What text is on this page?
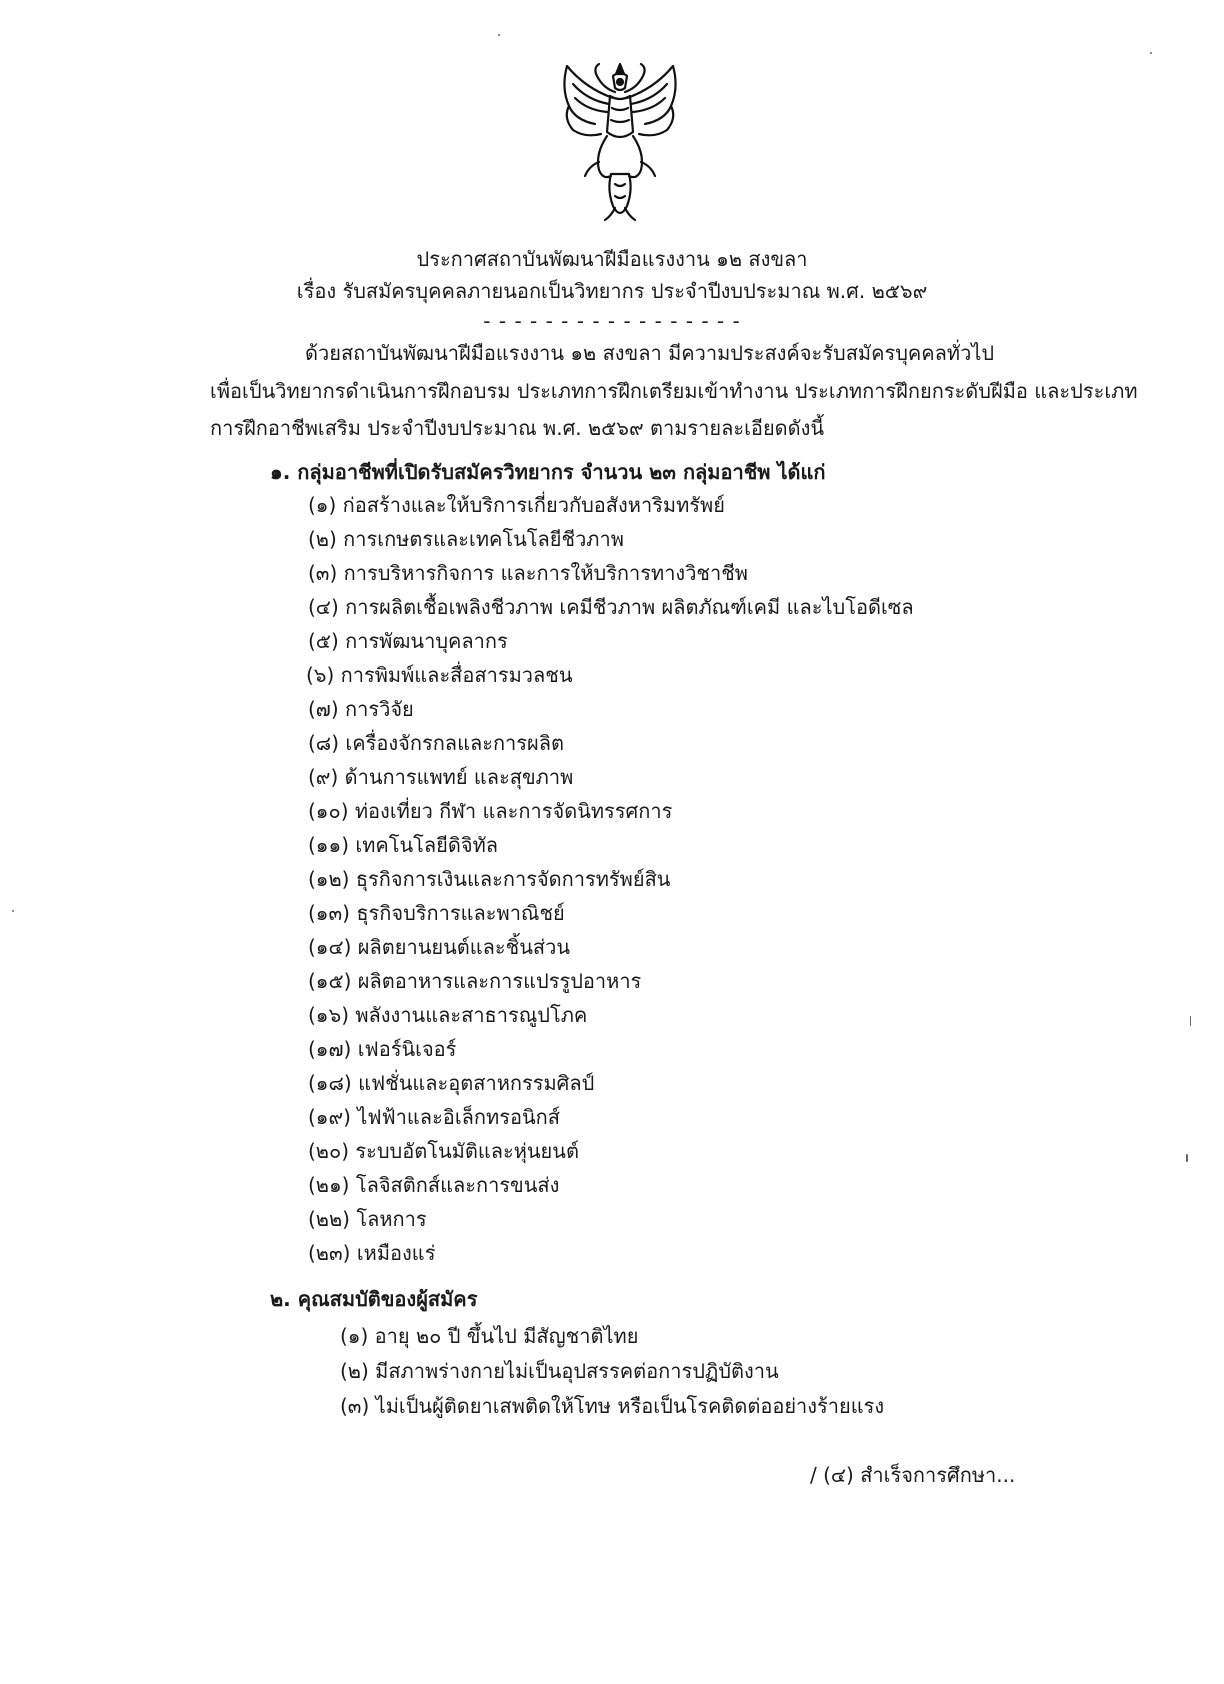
ประกาศสถาบันพัฒนาฝีมือแรงงาน ๑๒ สงขลา
เรื่อง รับสมัครบุคคลภายนอกเป็นวิทยากร ประจำปีงบประมาณ พ.ศ. ๒๕๖๙
- - - - - - - - - - - - - - - - -
ด้วยสถาบันพัฒนาฝีมือแรงงาน ๑๒ สงขลา มีความประสงค์จะรับสมัครบุคคลทั่วไป
เพื่อเป็นวิทยากรดำเนินการฝึกอบรม ประเภทการฝึกเตรียมเข้าทำงาน ประเภทการฝึกยกระดับฝีมือ และประเภท
การฝึกอาชีพเสริม ประจำปีงบประมาณ พ.ศ. ๒๕๖๙ ตามรายละเอียดดังนี้
๑. กลุ่มอาชีพที่เปิดรับสมัครวิทยากร จำนวน ๒๓ กลุ่มอาชีพ ได้แก่
(๑) ก่อสร้างและให้บริการเกี่ยวกับอสังหาริมทรัพย์
(๒) การเกษตรและเทคโนโลยีชีวภาพ
(๓) การบริหารกิจการ และการให้บริการทางวิชาชีพ
(๔) การผลิตเชื้อเพลิงชีวภาพ เคมีชีวภาพ ผลิตภัณฑ์เคมี และไบโอดีเซล
(๕) การพัฒนาบุคลากร
(๖) การพิมพ์และสื่อสารมวลชน
(๗) การวิจัย
(๘) เครื่องจักรกลและการผลิต
(๙) ด้านการแพทย์ และสุขภาพ
(๑๐) ท่องเที่ยว กีฬา และการจัดนิทรรศการ
(๑๑) เทคโนโลยีดิจิทัล
(๑๒) ธุรกิจการเงินและการจัดการทรัพย์สิน
(๑๓) ธุรกิจบริการและพาณิชย์
(๑๔) ผลิตยานยนต์และชิ้นส่วน
(๑๕) ผลิตอาหารและการแปรรูปอาหาร
(๑๖) พลังงานและสาธารณูปโภค
(๑๗) เฟอร์นิเจอร์
(๑๘) แฟชั่นและอุตสาหกรรมศิลป์
(๑๙) ไฟฟ้าและอิเล็กทรอนิกส์
(๒๐) ระบบอัตโนมัติและหุ่นยนต์
(๒๑) โลจิสติกส์และการขนส่ง
(๒๒) โลหการ
(๒๓) เหมืองแร่
๒. คุณสมบัติของผู้สมัคร
(๑) อายุ ๒๐ ปี ขึ้นไป มีสัญชาติไทย
(๒) มีสภาพร่างกายไม่เป็นอุปสรรคต่อการปฏิบัติงาน
(๓) ไม่เป็นผู้ติดยาเสพติดให้โทษ หรือเป็นโรคติดต่ออย่างร้ายแรง
/ (๔) สำเร็จการศึกษา...
